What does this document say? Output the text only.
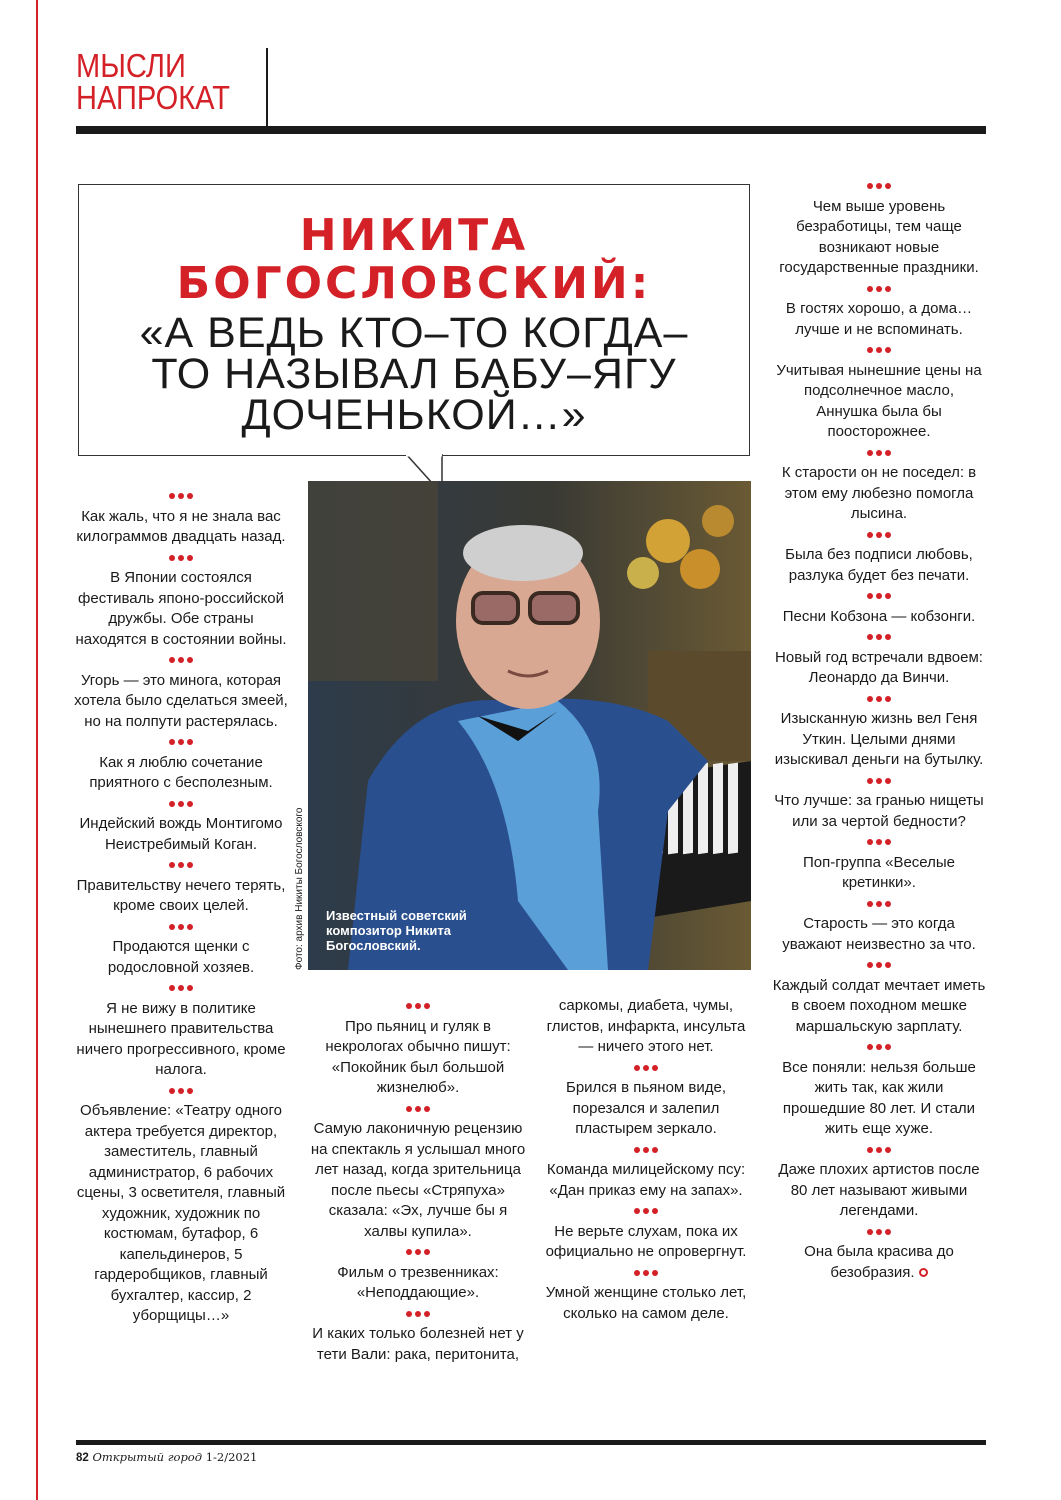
МЫСЛИ
НАПРОКАТ
НИКИТА
БОГОСЛОВСКИЙ:
«А ВЕДЬ КТО–ТО КОГДА–
ТО НАЗЫВАЛ БАБУ–ЯГУ
ДОЧЕНЬКОЙ…»
Известный советский композитор Никита Богословский.
Фото: архив Никиты Богословского
Как жаль, что я не знала вас килограммов двадцать назад.
В Японии состоялся фестиваль японо-российской дружбы. Обе страны находятся в состоянии войны.
Угорь — это минога, которая хотела было сделаться змеей, но на полпути растерялась.
Как я люблю сочетание приятного с бесполезным.
Индейский вождь Монтигомо Неистребимый Коган.
Правительству нечего терять, кроме своих целей.
Продаются щенки с родословной хозяев.
Я не вижу в политике нынешнего правительства ничего прогрессивного, кроме налога.
Объявление: «Театру одного актера требуется директор, заместитель, главный администратор, 6 рабочих сцены, 3 осветителя, главный художник, художник по костюмам, бутафор, 6 капельдинеров, 5 гардеробщиков, главный бухгалтер, кассир, 2 уборщицы…»
Про пьяниц и гуляк в некрологах обычно пишут: «Покойник был большой жизнелюб».
Самую лаконичную рецензию на спектакль я услышал много лет назад, когда зрительница после пьесы «Стряпуха» сказала: «Эх, лучше бы я халвы купила».
Фильм о трезвенниках: «Неподдающие».
И каких только болезней нет у тети Вали: рака, перитонита,
саркомы, диабета, чумы, глистов, инфаркта, инсульта — ничего этого нет.
Брился в пьяном виде, порезался и залепил пластырем зеркало.
Команда милицейскому псу: «Дан приказ ему на запах».
Не верьте слухам, пока их официально не опровергнут.
Умной женщине столько лет, сколько на самом деле.
Чем выше уровень безработицы, тем чаще возникают новые государственные праздники.
В гостях хорошо, а дома… лучше и не вспоминать.
Учитывая нынешние цены на подсолнечное масло, Аннушка была бы поосторожнее.
К старости он не поседел: в этом ему любезно помогла лысина.
Была без подписи любовь, разлука будет без печати.
Песни Кобзона — кобзонги.
Новый год встречали вдвоем: Леонардо да Винчи.
Изысканную жизнь вел Геня Уткин. Целыми днями изыскивал деньги на бутылку.
Что лучше: за гранью нищеты или за чертой бедности?
Поп-группа «Веселые кретинки».
Старость — это когда уважают неизвестно за что.
Каждый солдат мечтает иметь в своем походном мешке маршальскую зарплату.
Все поняли: нельзя больше жить так, как жили прошедшие 80 лет. И стали жить еще хуже.
Даже плохих артистов после 80 лет называют живыми легендами.
Она была красива до безобразия.
82 Открытый город 1-2/2021
